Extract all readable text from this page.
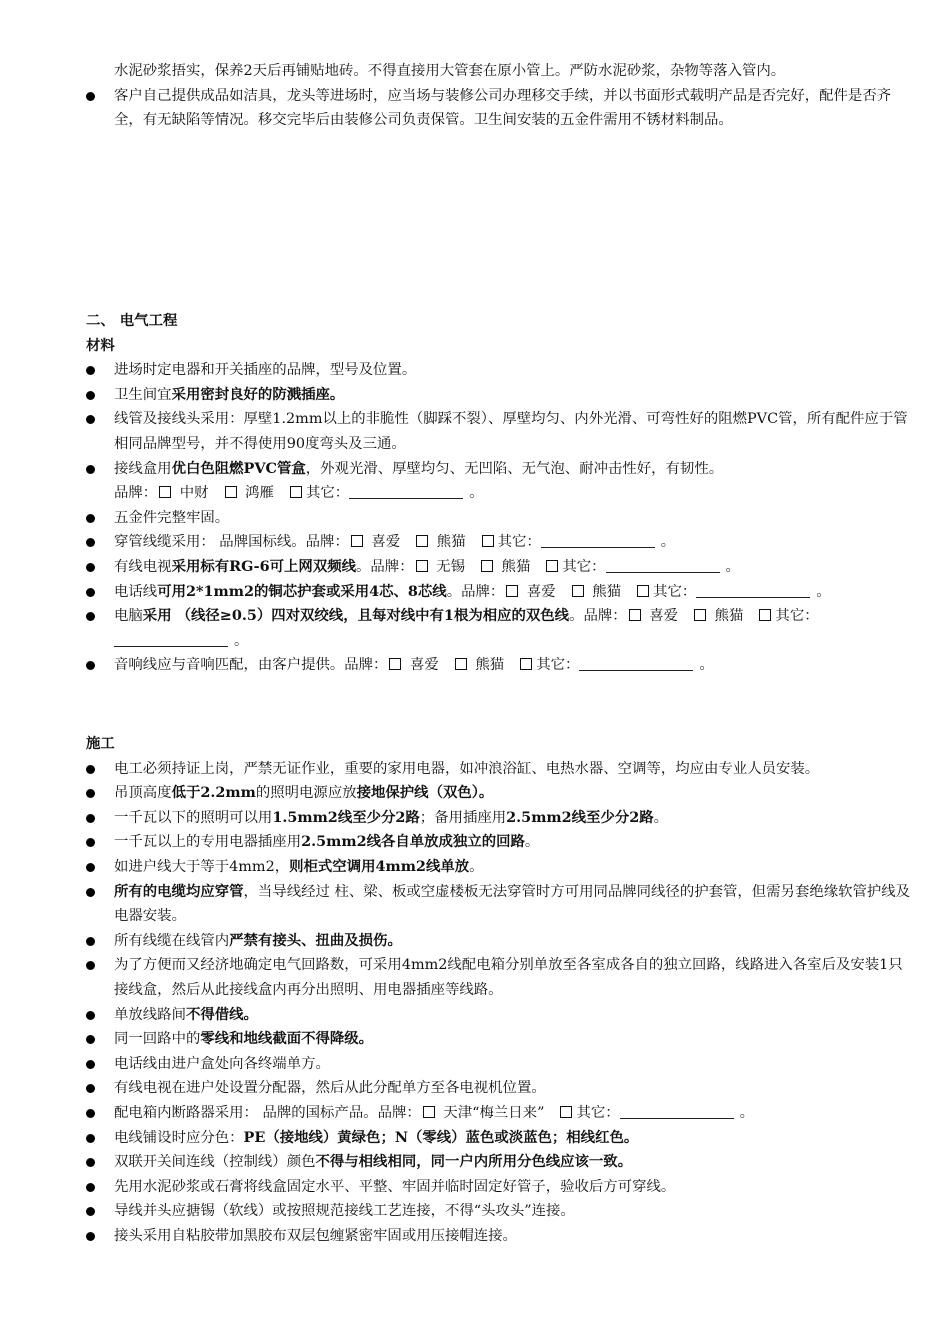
水泥砂浆捂实，保养2天后再铺贴地砖。不得直接用大管套在原小管上。严防水泥砂浆，杂物等落入管内。

客户自己提供成品如洁具，龙头等进场时，应当场与装修公司办理移交手续，并以书面形式载明产品是否完好，配件是否齐全，有无缺陷等情况。移交完毕后由装修公司负责保管。卫生间安装的五金件需用不锈材料制品。

二、 电气工程

材料

进场时定电器和开关插座的品牌，型号及位置。
卫生间宜采用密封良好的防溅插座。
线管及接线头采用：厚壁1.2mm以上的非脆性（脚踩不裂）、厚壁均匀、内外光滑、可弯性好的阻燃PVC管，所有配件应于管相同品牌型号，并不得使用90度弯头及三通。
接线盒用优白色阻燃PVC管盒，外观光滑、厚壁均匀、无凹陷、无气泡、耐冲击性好，有韧性。

品牌： 中财	鸿雁 其它：	。

五金件完整牢固。
穿管线缆采用： 品牌国标线。品牌： 喜爱	熊猫 其它：	。
有线电视采用标有RG-6可上网双频线。品牌： 无锡	熊猫 其它：	。
电话线可用2*1mm2的铜芯护套或采用4芯、8芯线。品牌： 喜爱	熊猫 其它：	。
电脑采用 （线径≥0.5）四对双绞线，且每对线中有1根为相应的双色线。品牌： 喜爱	熊猫 其它：。
音响线应与音响匹配，由客户提供。品牌： 喜爱	熊猫 其它：	。

施工

电工必须持证上岗，严禁无证作业，重要的家用电器，如冲浪浴缸、电热水器、空调等，均应由专业人员安装。
吊顶高度低于2.2mm的照明电源应放接地保护线（双色）。
一千瓦以下的照明可以用1.5mm2线至少分2路；备用插座用2.5mm2线至少分2路。
一千瓦以上的专用电器插座用2.5mm2线各自单放成独立的回路。
如进户线大于等于4mm2，则柜式空调用4mm2线单放。
所有的电缆均应穿管，当导线经过 柱、梁、板或空虚楼板无法穿管时方可用同品牌同线径的护套管，但需另套绝缘软管护线及电器安装。
所有线缆在线管内严禁有接头、扭曲及损伤。
为了方便而又经济地确定电气回路数，可采用4mm2线配电箱分别单放至各室成各自的独立回路，线路进入各室后及安装1只接线盒，然后从此接线盒内再分出照明、用电器插座等线路。
单放线路间不得借线。
同一回路中的零线和地线截面不得降级。
电话线由进户盒处向各终端单方。
有线电视在进户处设置分配器，然后从此分配单方至各电视机位置。
配电箱内断路器采用： 品牌的国标产品。品牌： 天津“梅兰日来” 其它：	。
电线铺设时应分色：PE（接地线）黄绿色；N（零线）蓝色或淡蓝色；相线红色。
双联开关间连线（控制线）颜色不得与相线相同，同一户内所用分色线应该一致。
先用水泥砂浆或石膏将线盒固定水平、平整、牢固并临时固定好管子，验收后方可穿线。
导线并头应搪锡（软线）或按照规范接线工艺连接，不得“头攻头”连接。
接头采用自粘胶带加黑胶布双层包缠紧密牢固或用压接帽连接。
